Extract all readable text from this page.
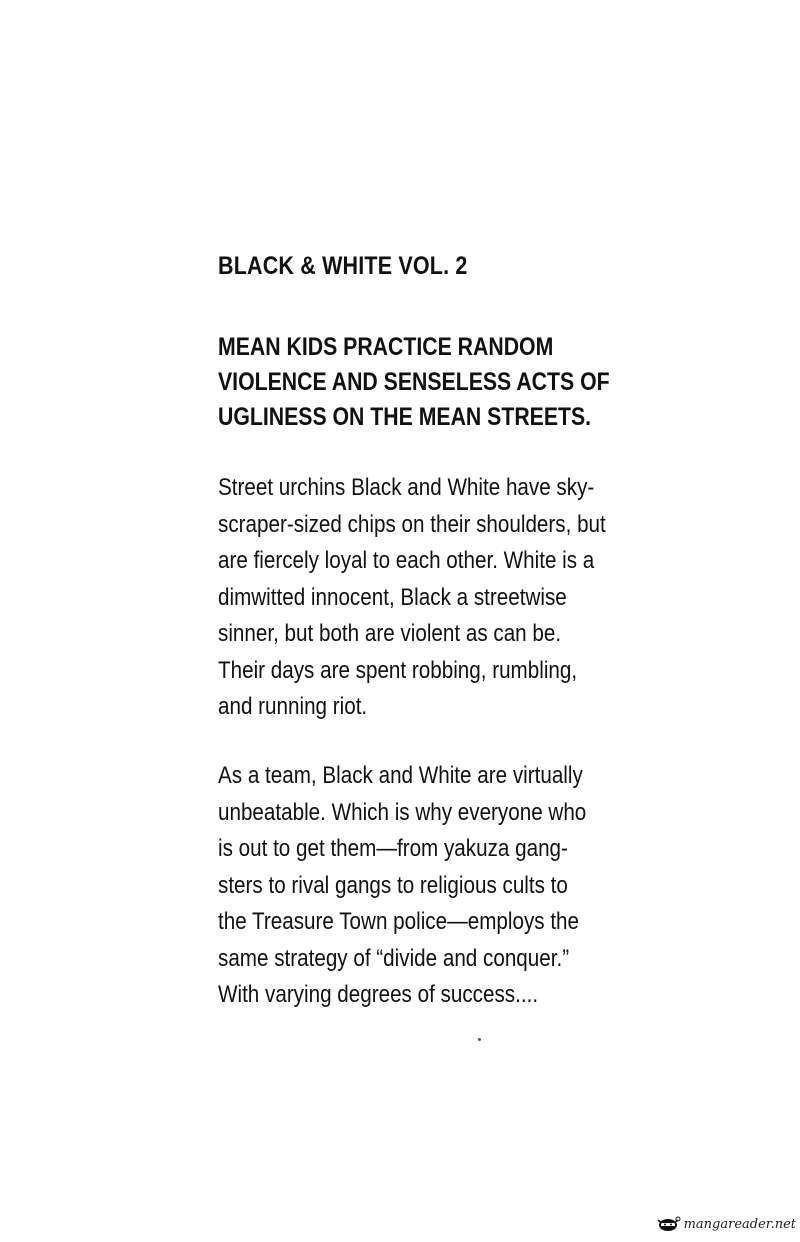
BLACK & WHITE VOL. 2
MEAN KIDS PRACTICE RANDOM
VIOLENCE AND SENSELESS ACTS OF
UGLINESS ON THE MEAN STREETS.
Street urchins Black and White have sky-
scraper-sized chips on their shoulders, but
are fiercely loyal to each other. White is a
dimwitted innocent, Black a streetwise
sinner, but both are violent as can be.
Their days are spent robbing, rumbling,
and running riot.
As a team, Black and White are virtually
unbeatable. Which is why everyone who
is out to get them—from yakuza gang-
sters to rival gangs to religious cults to
the Treasure Town police—employs the
same strategy of “divide and conquer.”
With varying degrees of success....
mangareader.net
